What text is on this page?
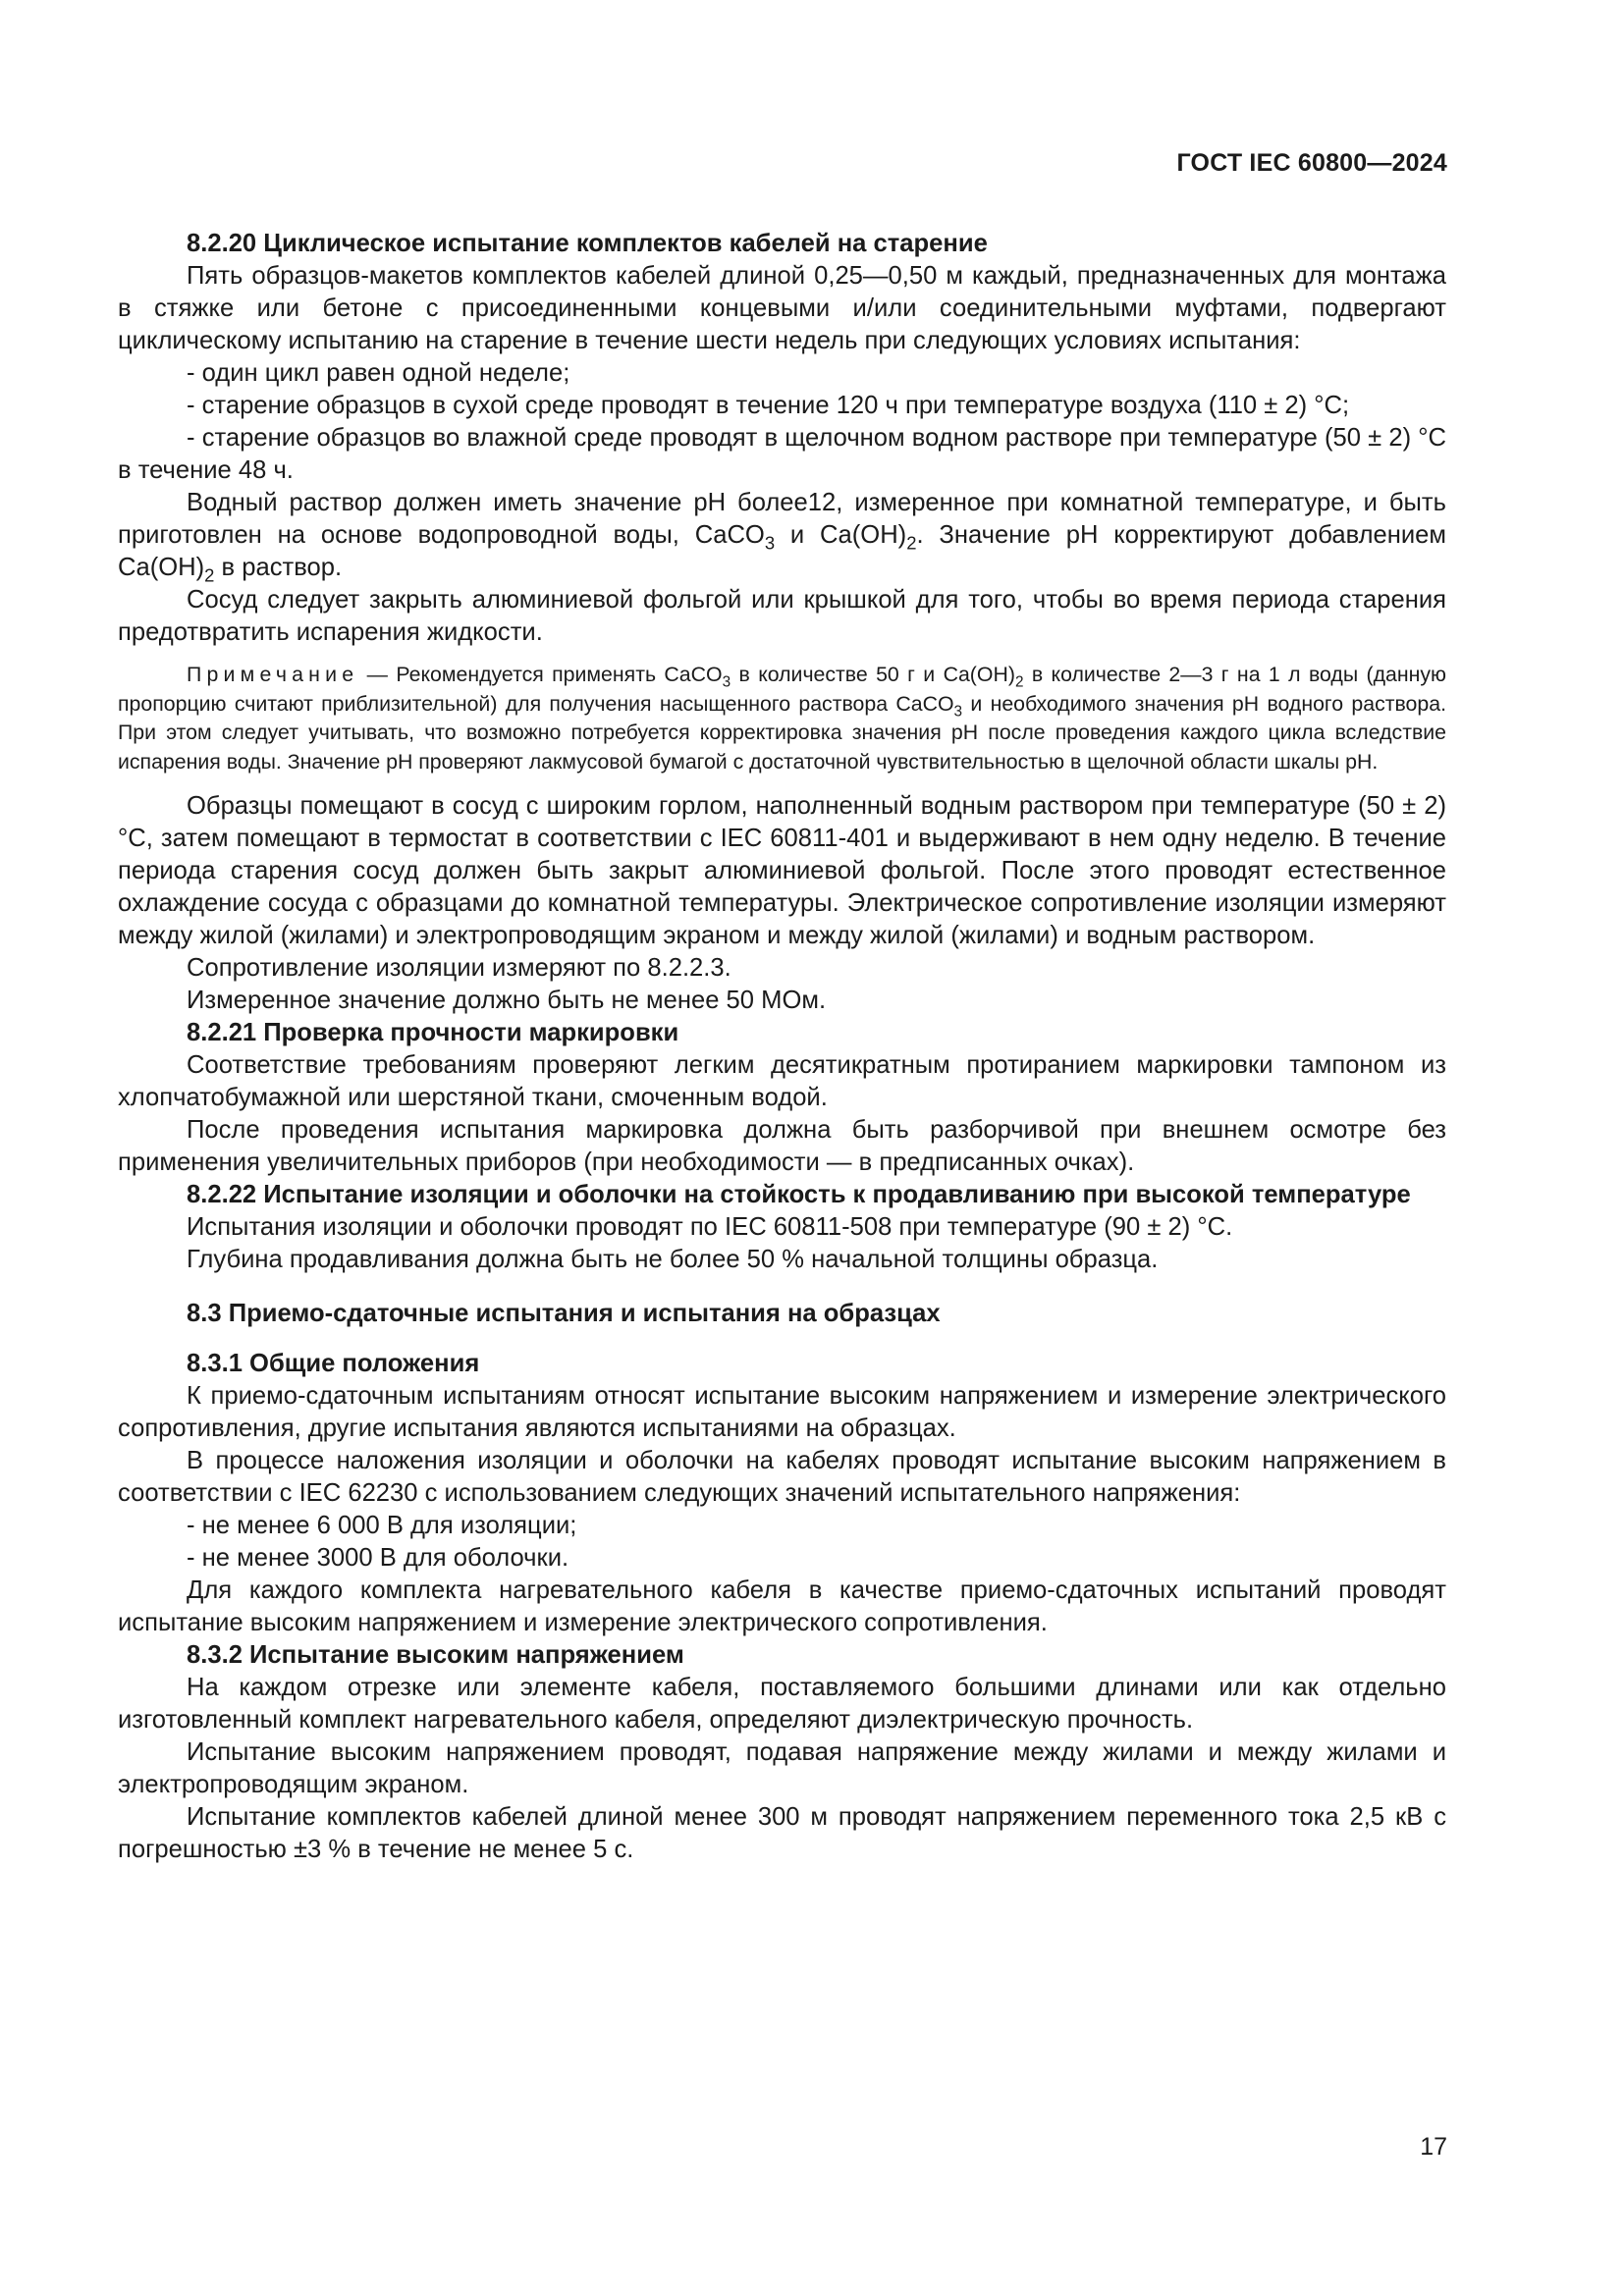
ГОСТ IEC 60800—2024

8.2.20 Циклическое испытание комплектов кабелей на старение

Пять образцов-макетов комплектов кабелей длиной 0,25—0,50 м каждый, предназначенных для монтажа в стяжке или бетоне с присоединенными концевыми и/или соединительными муфтами, подвергают циклическому испытанию на старение в течение шести недель при следующих условиях испытания:

- один цикл равен одной неделе;

- старение образцов в сухой среде проводят в течение 120 ч при температуре воздуха (110 ± 2) °С;

- старение образцов во влажной среде проводят в щелочном водном растворе при температуре (50 ± 2) °С в течение 48 ч.

Водный раствор должен иметь значение рН более12, измеренное при комнатной температуре, и быть приготовлен на основе водопроводной воды, CaCO$_3$ и $Ca(OH)_2$. Значение рН корректируют добавлением $Ca(OH)_2$ в раствор.

Сосуд следует закрыть алюминиевой фольгой или крышкой для того, чтобы во время периода старения предотвратить испарения жидкости.

Примечание — Рекомендуется применять CaCO$_3$ в количестве 50 г и $Ca(OH)_2$ в количестве 2—3 г на 1 л воды (данную пропорцию считают приблизительной) для получения насыщенного раствора CaCO$_3$ и необходимого значения рН водного раствора. При этом следует учитывать, что возможно потребуется корректировка значения рН после проведения каждого цикла вследствие испарения воды. Значение рН проверяют лакмусовой бумагой с достаточной чувствительностью в щелочной области шкалы рН.

Образцы помещают в сосуд с широким горлом, наполненный водным раствором при температуре (50 ± 2) °С, затем помещают в термостат в соответствии с IEC 60811-401 и выдерживают в нем одну неделю. В течение периода старения сосуд должен быть закрыт алюминиевой фольгой. После этого проводят естественное охлаждение сосуда с образцами до комнатной температуры. Электрическое сопротивление изоляции измеряют между жилой (жилами) и электропроводящим экраном и между жилой (жилами) и водным раствором.

Сопротивление изоляции измеряют по 8.2.2.3.

Измеренное значение должно быть не менее 50 МОм.

8.2.21 Проверка прочности маркировки

Соответствие требованиям проверяют легким десятикратным протиранием маркировки тампоном из хлопчатобумажной или шерстяной ткани, смоченным водой.

После проведения испытания маркировка должна быть разборчивой при внешнем осмотре без применения увеличительных приборов (при необходимости — в предписанных очках).

8.2.22 Испытание изоляции и оболочки на стойкость к продавливанию при высокой температуре

Испытания изоляции и оболочки проводят по IEC 60811-508 при температуре (90 ± 2) °С.

Глубина продавливания должна быть не более 50 % начальной толщины образца.

8.3 Приемо-сдаточные испытания и испытания на образцах

8.3.1 Общие положения

К приемо-сдаточным испытаниям относят испытание высоким напряжением и измерение электрического сопротивления, другие испытания являются испытаниями на образцах.

В процессе наложения изоляции и оболочки на кабелях проводят испытание высоким напряжением в соответствии с IEC 62230 с использованием следующих значений испытательного напряжения:

- не менее 6 000 В для изоляции;

- не менее 3000 В для оболочки.

Для каждого комплекта нагревательного кабеля в качестве приемо-сдаточных испытаний проводят испытание высоким напряжением и измерение электрического сопротивления.

8.3.2 Испытание высоким напряжением

На каждом отрезке или элементе кабеля, поставляемого большими длинами или как отдельно изготовленный комплект нагревательного кабеля, определяют диэлектрическую прочность.

Испытание высоким напряжением проводят, подавая напряжение между жилами и между жилами и электропроводящим экраном.

Испытание комплектов кабелей длиной менее 300 м проводят напряжением переменного тока 2,5 кВ с погрешностью ±3 % в течение не менее 5 с.

17
